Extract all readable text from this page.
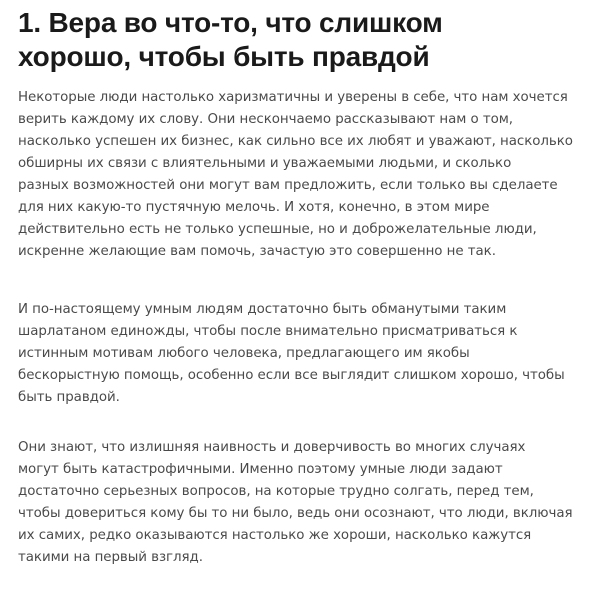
1. Вера во что-то, что слишком
хорошо, чтобы быть правдой

Некоторые люди настолько харизматичны и уверены в себе, что нам хочется
верить каждому их слову. Они нескончаемо рассказывают нам о том,
насколько успешен их бизнес, как сильно все их любят и уважают, насколько
обширны их связи с влиятельными и уважаемыми людьми, и сколько
разных возможностей они могут вам предложить, если только вы сделаете
для них какую-то пустячную мелочь. И хотя, конечно, в этом мире
действительно есть не только успешные, но и доброжелательные люди,
искренне желающие вам помочь, зачастую это совершенно не так.

И по-настоящему умным людям достаточно быть обманутыми таким
шарлатаном единожды, чтобы после внимательно присматриваться к
истинным мотивам любого человека, предлагающего им якобы
бескорыстную помощь, особенно если все выглядит слишком хорошо, чтобы
быть правдой.

Они знают, что излишняя наивность и доверчивость во многих случаях
могут быть катастрофичными. Именно поэтому умные люди задают
достаточно серьезных вопросов, на которые трудно солгать, перед тем,
чтобы довериться кому бы то ни было, ведь они осознают, что люди, включая
их самих, редко оказываются настолько же хороши, насколько кажутся
такими на первый взгляд.
